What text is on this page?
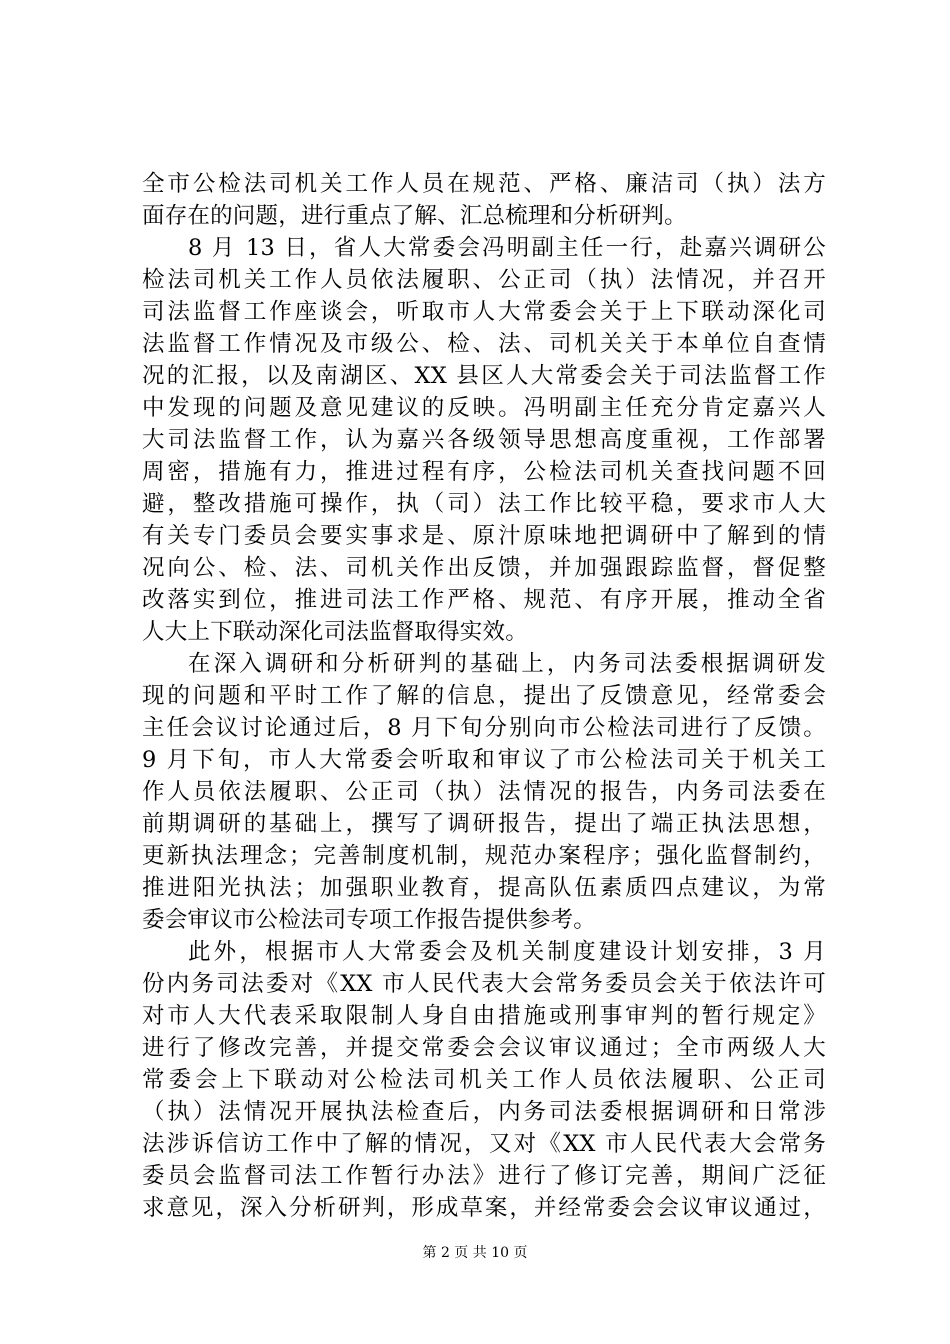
全市公检法司机关工作人员在规范、严格、廉洁司（执）法方
面存在的问题，进行重点了解、汇总梳理和分析研判。
8 月 13 日，省人大常委会冯明副主任一行，赴嘉兴调研公
检法司机关工作人员依法履职、公正司（执）法情况，并召开
司法监督工作座谈会，听取市人大常委会关于上下联动深化司
法监督工作情况及市级公、检、法、司机关关于本单位自查情
况的汇报，以及南湖区、XX 县区人大常委会关于司法监督工作
中发现的问题及意见建议的反映。冯明副主任充分肯定嘉兴人
大司法监督工作，认为嘉兴各级领导思想高度重视，工作部署
周密，措施有力，推进过程有序，公检法司机关查找问题不回
避，整改措施可操作，执（司）法工作比较平稳，要求市人大
有关专门委员会要实事求是、原汁原味地把调研中了解到的情
况向公、检、法、司机关作出反馈，并加强跟踪监督，督促整
改落实到位，推进司法工作严格、规范、有序开展，推动全省
人大上下联动深化司法监督取得实效。
在深入调研和分析研判的基础上，内务司法委根据调研发
现的问题和平时工作了解的信息，提出了反馈意见，经常委会
主任会议讨论通过后，8 月下旬分别向市公检法司进行了反馈。
9 月下旬，市人大常委会听取和审议了市公检法司关于机关工
作人员依法履职、公正司（执）法情况的报告，内务司法委在
前期调研的基础上，撰写了调研报告，提出了端正执法思想，
更新执法理念；完善制度机制，规范办案程序；强化监督制约，
推进阳光执法；加强职业教育，提高队伍素质四点建议，为常
委会审议市公检法司专项工作报告提供参考。
此外，根据市人大常委会及机关制度建设计划安排，3 月
份内务司法委对《XX 市人民代表大会常务委员会关于依法许可
对市人大代表采取限制人身自由措施或刑事审判的暂行规定》
进行了修改完善，并提交常委会会议审议通过；全市两级人大
常委会上下联动对公检法司机关工作人员依法履职、公正司
（执）法情况开展执法检查后，内务司法委根据调研和日常涉
法涉诉信访工作中了解的情况，又对《XX 市人民代表大会常务
委员会监督司法工作暂行办法》进行了修订完善，期间广泛征
求意见，深入分析研判，形成草案，并经常委会会议审议通过，
第 2 页 共 10 页
